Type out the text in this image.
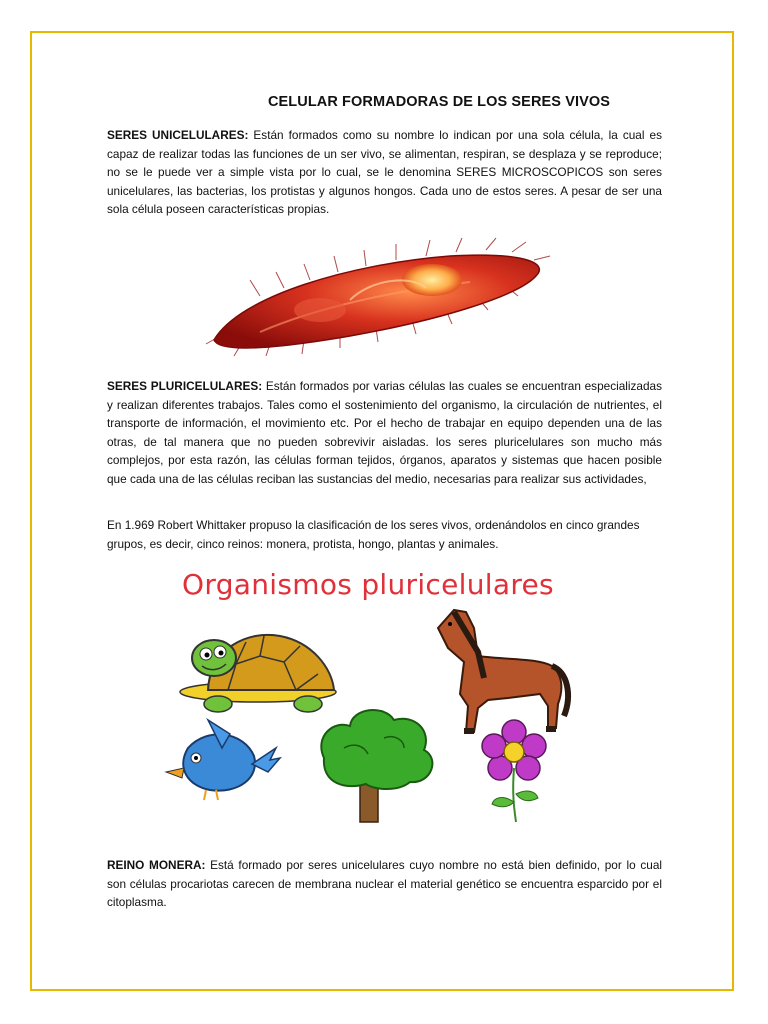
CELULAR FORMADORAS DE LOS SERES VIVOS
SERES UNICELULARES: Están formados como su nombre lo indican por una sola célula, la cual es capaz de realizar todas las funciones de un ser vivo, se alimentan, respiran, se desplaza y se reproduce; no se le puede ver a simple vista por lo cual, se le denomina SERES MICROSCOPICOS son seres unicelulares, las bacterias, los protistas y algunos hongos. Cada uno de estos seres. A pesar de ser una sola célula poseen características propias.
SERES PLURICELULARES: Están formados por varias células las cuales se encuentran especializadas y realizan diferentes trabajos. Tales como el sostenimiento del organismo, la circulación de nutrientes, el transporte de información, el movimiento etc. Por el hecho de trabajar en equipo dependen una de las otras, de tal manera que no pueden sobrevivir aisladas. los seres pluricelulares son mucho más complejos, por esta razón, las células forman tejidos, órganos, aparatos y sistemas que hacen posible que cada una de las células reciban las sustancias del medio, necesarias para realizar sus actividades,
En 1.969 Robert Whittaker propuso la clasificación de los seres vivos, ordenándolos en cinco grandes grupos, es decir, cinco reinos: monera, protista, hongo, plantas y animales.
Organismos pluricelulares
REINO MONERA: Está formado por seres unicelulares cuyo nombre no está bien definido, por lo cual son células procariotas carecen de membrana nuclear el material genético se encuentra esparcido por el citoplasma.
